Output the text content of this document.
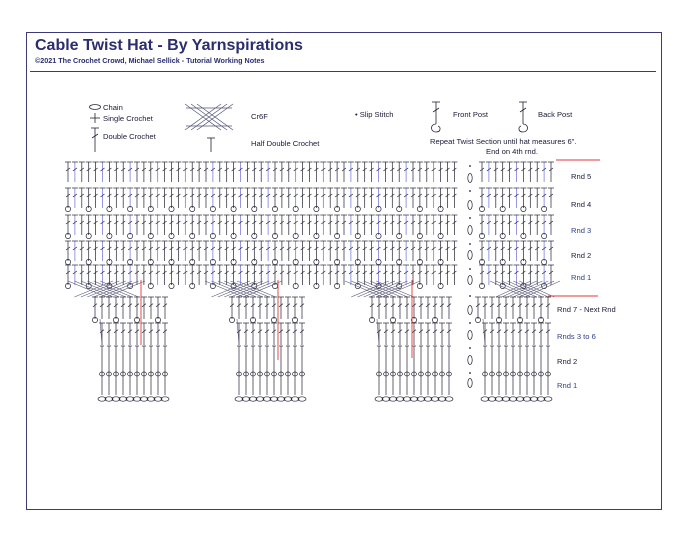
Cable Twist Hat - By Yarnspirations

©2021 The Crochet Crowd, Michael Sellick - Tutorial Working Notes

Chain
Single Crochet
Double Crochet
Cr6F
Half Double Crochet
• Slip Stitch	Front Post	Back Post
Repeat Twist Section until hat measures 6".
End on 4th rnd.
Rnd 5
Rnd 4
Rnd 3
Rnd 2
Rnd 1
Rnd 7 - Next Rnd
Rnds 3 to 6
Rnd 2
Rnd 1
